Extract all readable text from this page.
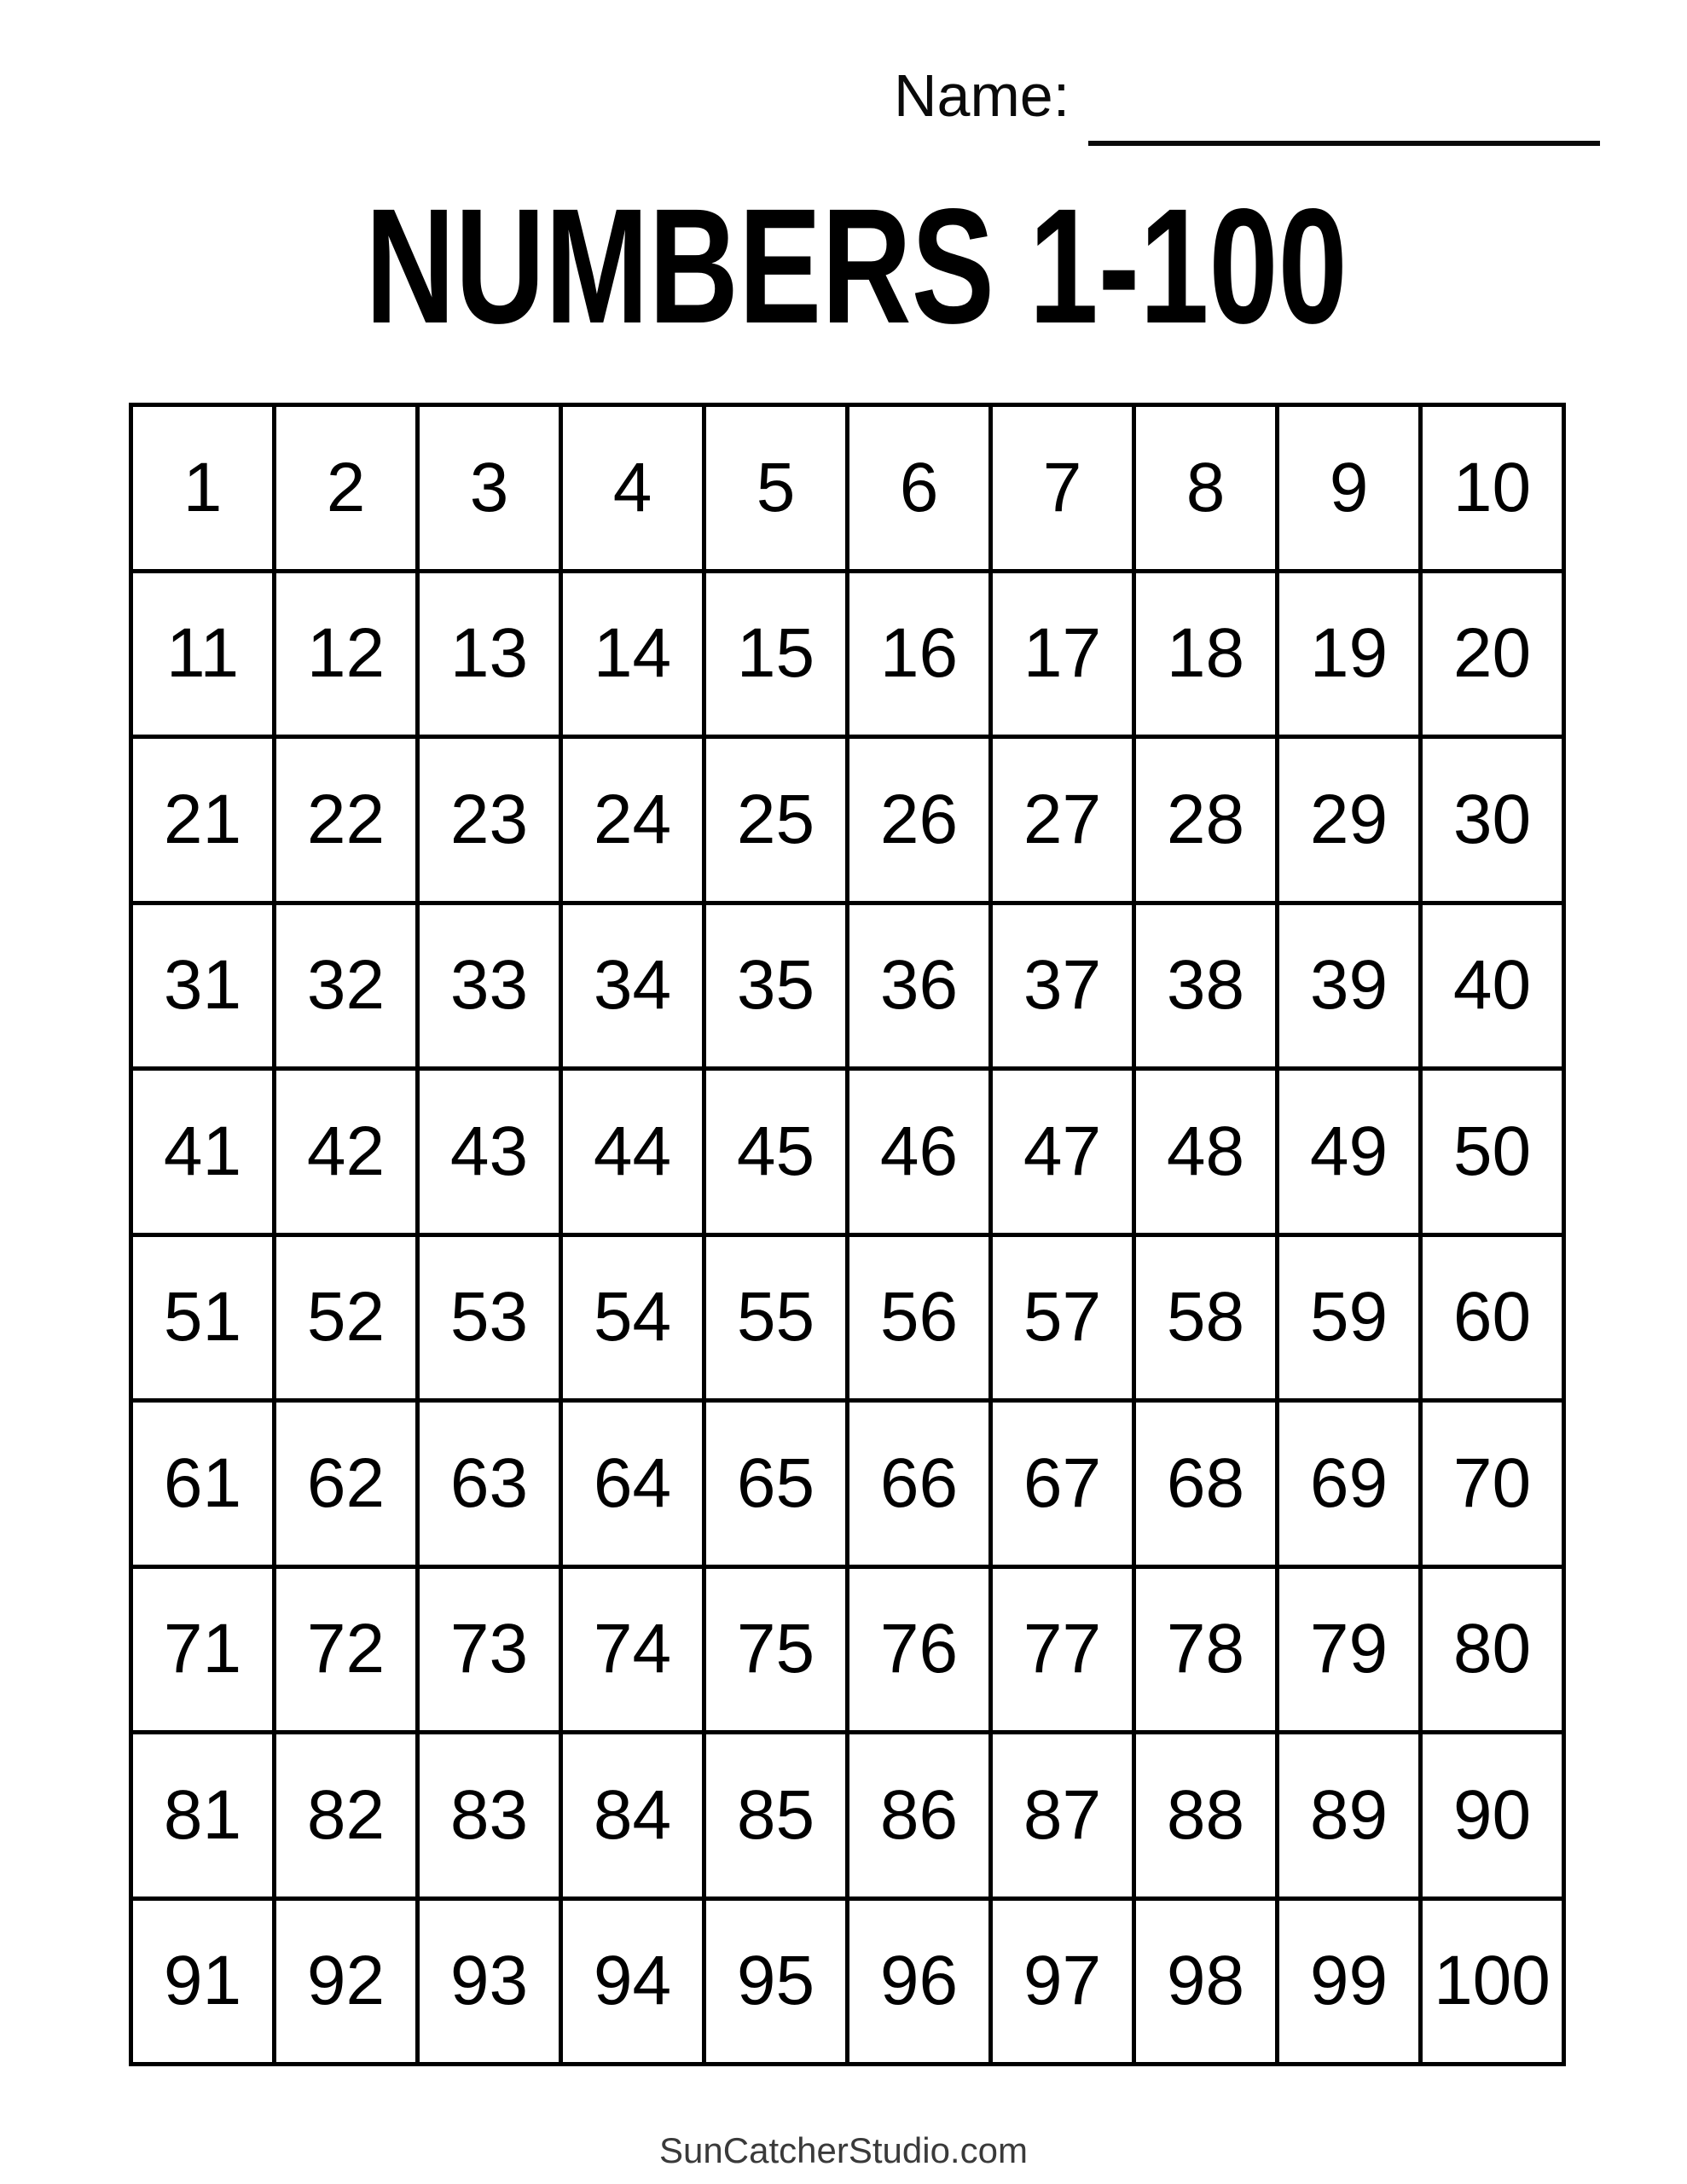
Name:
NUMBERS 1-100
1	2	3	4	5	6	7	8	9	10
11 12 13 14 15 16 17 18 19 20
21 22 23 24 25 26 27 28 29 30
31 32 33 34 35 36 37 38 39 40
41 42 43 44 45 46 47 48 49 50
51 52 53 54 55 56 57 58 59 60
61 62 63 64 65 66 67 68 69 70
71 72 73 74 75 76 77 78 79 80
81 82 83 84 85 86 87 88 89 90
91 92 93 94 95 96 97 98 99 100
SunCatcherStudio.com
